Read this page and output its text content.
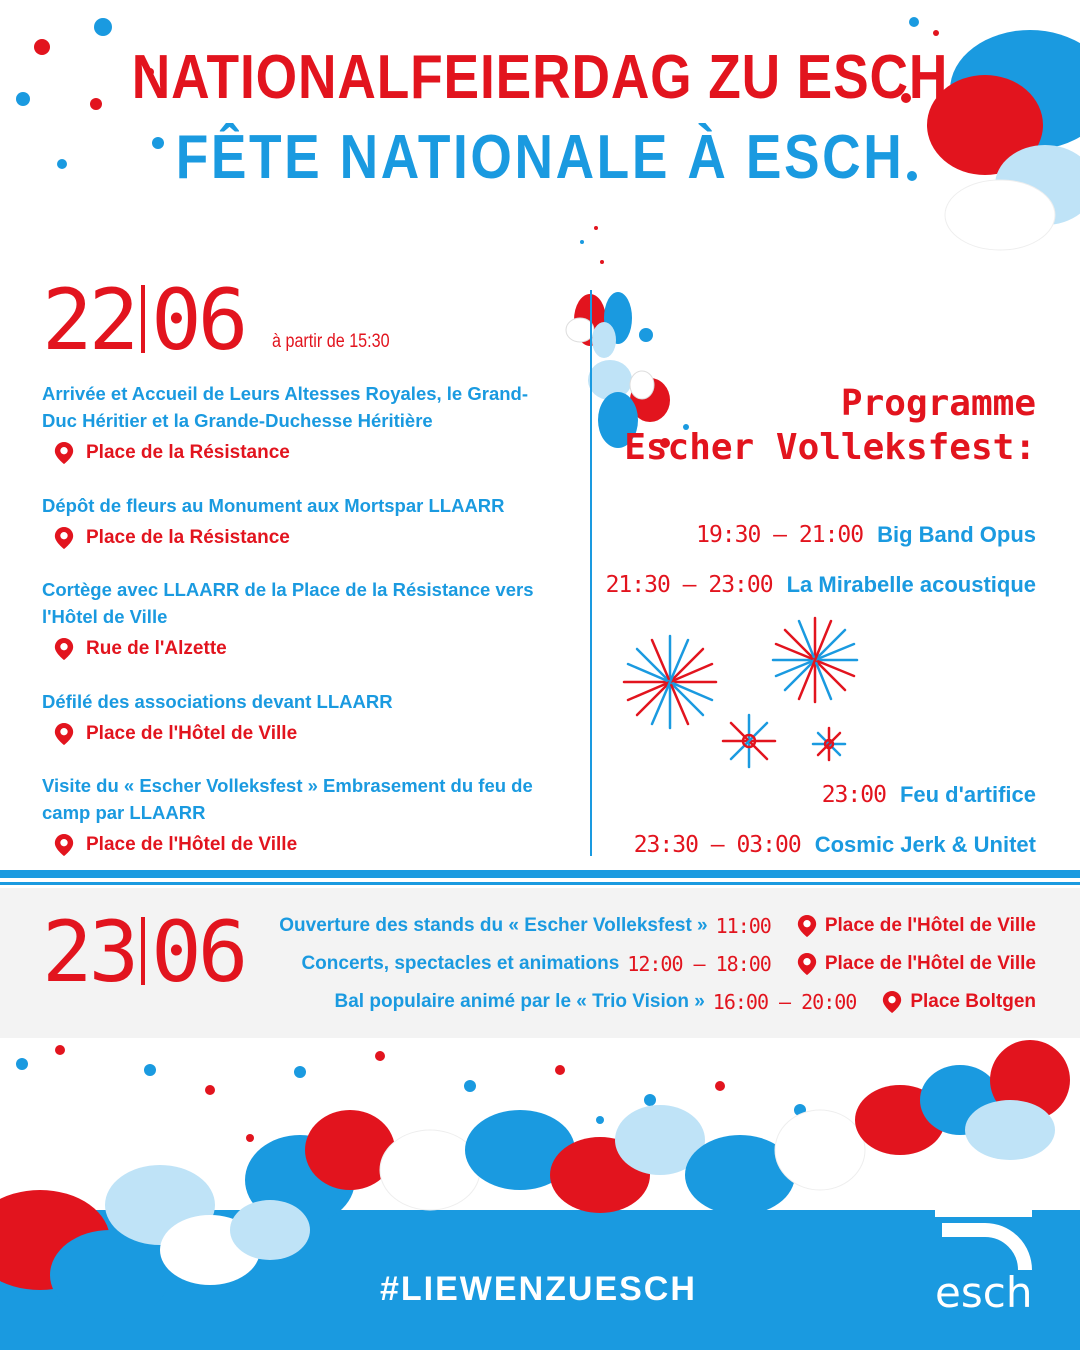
NATIONALFEIERDAG ZU ESCH
FÊTE NATIONALE À ESCH
22 06 à partir de 15:30
Arrivée et Accueil de Leurs Altesses Royales, le Grand-Duc Héritier et la Grande-Duchesse Héritière
Place de la Résistance
Dépôt de fleurs au Monument aux Mortspar LLAARR
Place de la Résistance
Cortège avec LLAARR de la Place de la Résistance vers l'Hôtel de Ville
Rue de l'Alzette
Défilé des associations devant LLAARR
Place de l'Hôtel de Ville
Visite du « Escher Volleksfest » Embrasement du feu de camp par LLAARR
Place de l'Hôtel de Ville
Programme
Escher Volleksfest:
19:30 – 21:00 Big Band Opus
21:30 – 23:00 La Mirabelle acoustique
23:00 Feu d'artifice
23:30 – 03:00 Cosmic Jerk & Unitet
23 06 Ouverture des stands du « Escher Volleksfest » 11:00	Place de l'Hôtel de Ville
Concerts, spectacles et animations 12:00 – 18:00	Place de l'Hôtel de Ville
Bal populaire animé par le « Trio Vision » 16:00 – 20:00	Place Boltgen
#LIEWENZUESCH	esch
